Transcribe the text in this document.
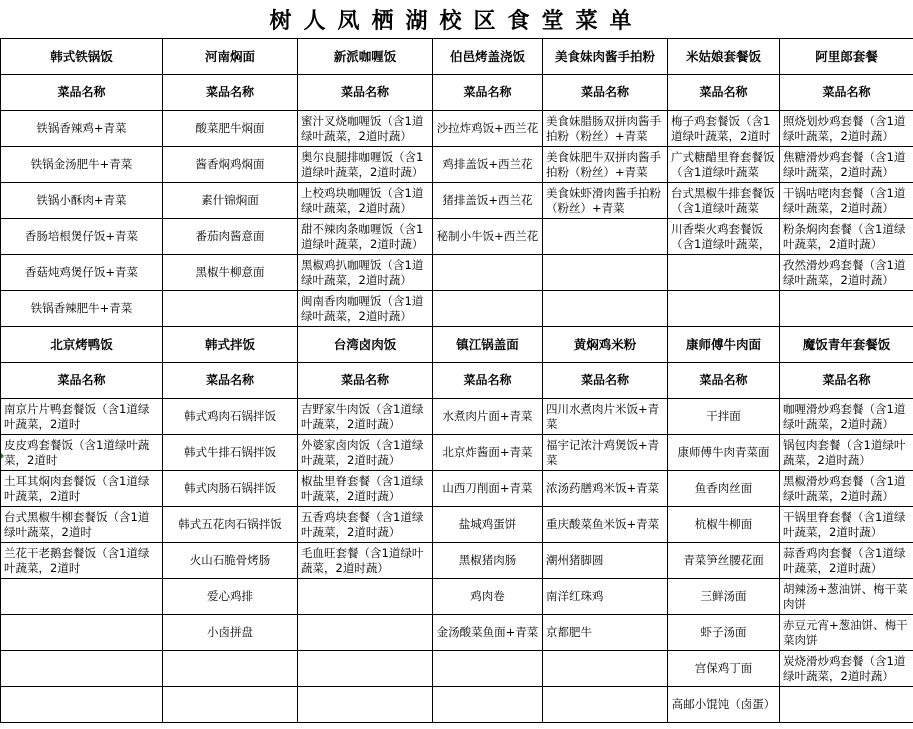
树人凤栖湖校区食堂菜单
韩式铁锅饭	河南焖面	新派咖喱饭	伯邑烤盖浇饭	美食妹肉酱手拍粉	米姑娘套餐饭	阿里郎套餐
菜品名称	菜品名称	菜品名称	菜品名称	菜品名称	菜品名称	菜品名称
铁锅香辣鸡+青菜	酸菜肥牛焖面	蜜汁叉烧咖喱饭（含1道绿叶蔬菜，2道时蔬）	沙拉炸鸡饭+西兰花	美食妹腊肠双拼肉酱手拍粉（粉丝）+青菜	梅子鸡套餐饭（含1道绿叶蔬菜，2道时	照烧划炒鸡套餐（含1道绿叶蔬菜，2道时蔬）
铁锅金汤肥牛+青菜	酱香焖鸡焖面	奥尔良腿排咖喱饭（含1道绿叶蔬菜，2道时蔬）	鸡排盖饭+西兰花	美食妹肥牛双拼肉酱手拍粉（粉丝）+青菜	广式糖醋里脊套餐饭（含1道绿叶蔬菜	焦糖滑炒鸡套餐（含1道绿叶蔬菜，2道时蔬）
铁锅小酥肉+青菜	素什锦焖面	上校鸡块咖喱饭（含1道绿叶蔬菜，2道时蔬）	猪排盖饭+西兰花	美食妹虾滑肉酱手拍粉（粉丝）+青菜	台式黑椒牛排套餐饭（含1道绿叶蔬菜	干锅咕咾肉套餐（含1道绿叶蔬菜，2道时蔬）
香肠培根煲仔饭+青菜	番茄肉酱意面	甜不辣肉条咖喱饭（含1道绿叶蔬菜，2道时蔬）	秘制小牛饭+西兰花		川香柴火鸡套餐饭（含1道绿叶蔬菜，	粉条焖肉套餐（含1道绿叶蔬菜，2道时蔬）
香菇炖鸡煲仔饭+青菜	黑椒牛柳意面	黑椒鸡扒咖喱饭（含1道绿叶蔬菜，2道时蔬）				孜然滑炒鸡套餐（含1道绿叶蔬菜，2道时蔬）
铁锅香辣肥牛+青菜		闽南香肉咖喱饭（含1道绿叶蔬菜，2道时蔬）				
北京烤鸭饭	韩式拌饭	台湾卤肉饭	镇江锅盖面	黄焖鸡米粉	康师傅牛肉面	魔饭青年套餐饭
菜品名称	菜品名称	菜品名称	菜品名称	菜品名称	菜品名称	菜品名称
南京片片鸭套餐饭（含1道绿叶蔬菜，2道时	韩式鸡肉石锅拌饭	吉野家牛肉饭（含1道绿叶蔬菜，2道时蔬）	水煮肉片面+青菜	四川水煮肉片米饭+青菜	干拌面	咖喱滑炒鸡套餐（含1道绿叶蔬菜，2道时蔬）
皮皮鸡套餐饭（含1道绿叶蔬菜，2道时	韩式牛排石锅拌饭	外婆家卤肉饭（含1道绿叶蔬菜，2道时蔬）	北京炸酱面+青菜	福宇记浓汁鸡煲饭+青菜	康师傅牛肉青菜面	锅包肉套餐（含1道绿叶蔬菜，2道时蔬）
土耳其焖肉套餐饭（含1道绿叶蔬菜，2道时	韩式肉肠石锅拌饭	椒盐里脊套餐（含1道绿叶蔬菜，2道时蔬）	山西刀削面+青菜	浓汤药膳鸡米饭+青菜	鱼香肉丝面	黑椒滑炒鸡套餐（含1道绿叶蔬菜，2道时蔬）
台式黑椒牛柳套餐饭（含1道绿叶蔬菜，2道时	韩式五花肉石锅拌饭	五香鸡块套餐（含1道绿叶蔬菜，2道时蔬）	盐城鸡蛋饼	重庆酸菜鱼米饭+青菜	杭椒牛柳面	干锅里脊套餐（含1道绿叶蔬菜，2道时蔬）
兰花干老鹅套餐饭（含1道绿叶蔬菜，2道时	火山石脆骨烤肠	毛血旺套餐（含1道绿叶蔬菜，2道时蔬）	黑椒猪肉肠	潮州猪脚圆	青菜笋丝腰花面	蒜香鸡肉套餐（含1道绿叶蔬菜，2道时蔬）
	爱心鸡排		鸡肉卷	南洋红珠鸡	三鲜汤面	胡辣汤+葱油饼、梅干菜肉饼
	小卤拼盘		金汤酸菜鱼面+青菜	京都肥牛	虾子汤面	赤豆元宵+葱油饼、梅干菜肉饼
					宫保鸡丁面	炭烧滑炒鸡套餐（含1道绿叶蔬菜，2道时蔬）
					高邮小馄饨（卤蛋）	
